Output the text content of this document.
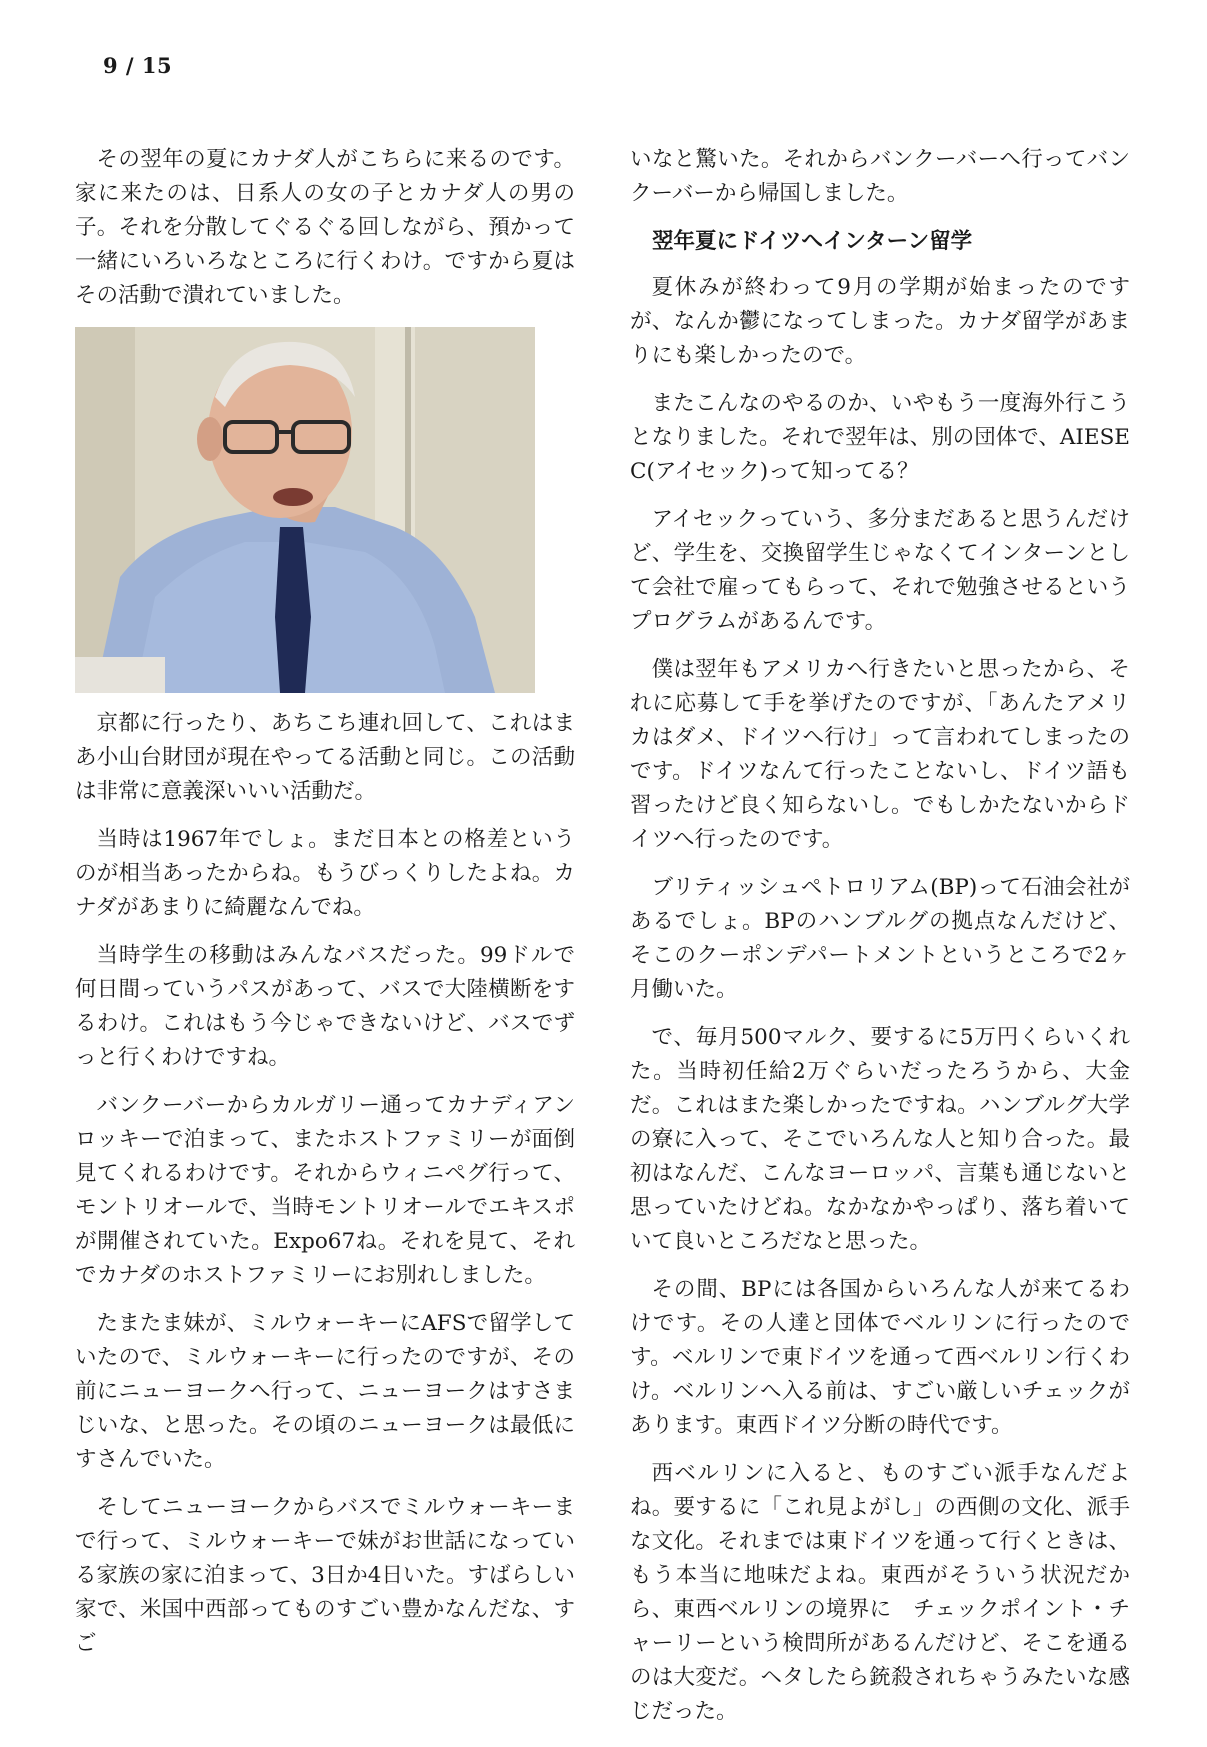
9 / 15

その翌年の夏にカナダ人がこちらに来るのです。家に来たのは、日系人の女の子とカナダ人の男の子。それを分散してぐるぐる回しながら、預かって一緒にいろいろなところに行くわけ。ですから夏はその活動で潰れていました。

京都に行ったり、あちこち連れ回して、これはまあ小山台財団が現在やってる活動と同じ。この活動は非常に意義深いいい活動だ。

当時は1967年でしょ。まだ日本との格差というのが相当あったからね。もうびっくりしたよね。カナダがあまりに綺麗なんでね。

当時学生の移動はみんなバスだった。99ドルで何日間っていうパスがあって、バスで大陸横断をするわけ。これはもう今じゃできないけど、バスでずっと行くわけですね。

バンクーバーからカルガリー通ってカナディアンロッキーで泊まって、またホストファミリーが面倒見てくれるわけです。それからウィニペグ行って、モントリオールで、当時モントリオールでエキスポが開催されていた。Expo67ね。それを見て、それでカナダのホストファミリーにお別れしました。

たまたま妹が、ミルウォーキーにAFSで留学していたので、ミルウォーキーに行ったのですが、その前にニューヨークへ行って、ニューヨークはすさまじいな、と思った。その頃のニューヨークは最低にすさんでいた。

そしてニューヨークからバスでミルウォーキーまで行って、ミルウォーキーで妹がお世話になっている家族の家に泊まって、3日か4日いた。すばらしい家で、米国中西部ってものすごい豊かなんだな、すご

いなと驚いた。それからバンクーバーへ行ってバンクーバーから帰国しました。

翌年夏にドイツへインターン留学

夏休みが終わって9月の学期が始まったのですが、なんか鬱になってしまった。カナダ留学があまりにも楽しかったので。

またこんなのやるのか、いやもう一度海外行こうとなりました。それで翌年は、別の団体で、AIESEC(アイセック)って知ってる？

アイセックっていう、多分まだあると思うんだけど、学生を、交換留学生じゃなくてインターンとして会社で雇ってもらって、それで勉強させるというプログラムがあるんです。

僕は翌年もアメリカへ行きたいと思ったから、それに応募して手を挙げたのですが、「あんたアメリカはダメ、ドイツへ行け」って言われてしまったのです。ドイツなんて行ったことないし、ドイツ語も習ったけど良く知らないし。でもしかたないからドイツへ行ったのです。

ブリティッシュペトロリアム(BP)って石油会社があるでしょ。BPのハンブルグの拠点なんだけど、そこのクーポンデパートメントというところで2ヶ月働いた。

で、毎月500マルク、要するに5万円くらいくれた。当時初任給2万ぐらいだったろうから、大金だ。これはまた楽しかったですね。ハンブルグ大学の寮に入って、そこでいろんな人と知り合った。最初はなんだ、こんなヨーロッパ、言葉も通じないと思っていたけどね。なかなかやっぱり、落ち着いていて良いところだなと思った。

その間、BPには各国からいろんな人が来てるわけです。その人達と団体でベルリンに行ったのです。ベルリンで東ドイツを通って西ベルリン行くわけ。ベルリンへ入る前は、すごい厳しいチェックがあります。東西ドイツ分断の時代です。

西ベルリンに入ると、ものすごい派手なんだよね。要するに「これ見よがし」の西側の文化、派手な文化。それまでは東ドイツを通って行くときは、もう本当に地味だよね。東西がそういう状況だから、東西ベルリンの境界に　チェックポイント・チャーリーという検問所があるんだけど、そこを通るのは大変だ。ヘタしたら銃殺されちゃうみたいな感じだった。
